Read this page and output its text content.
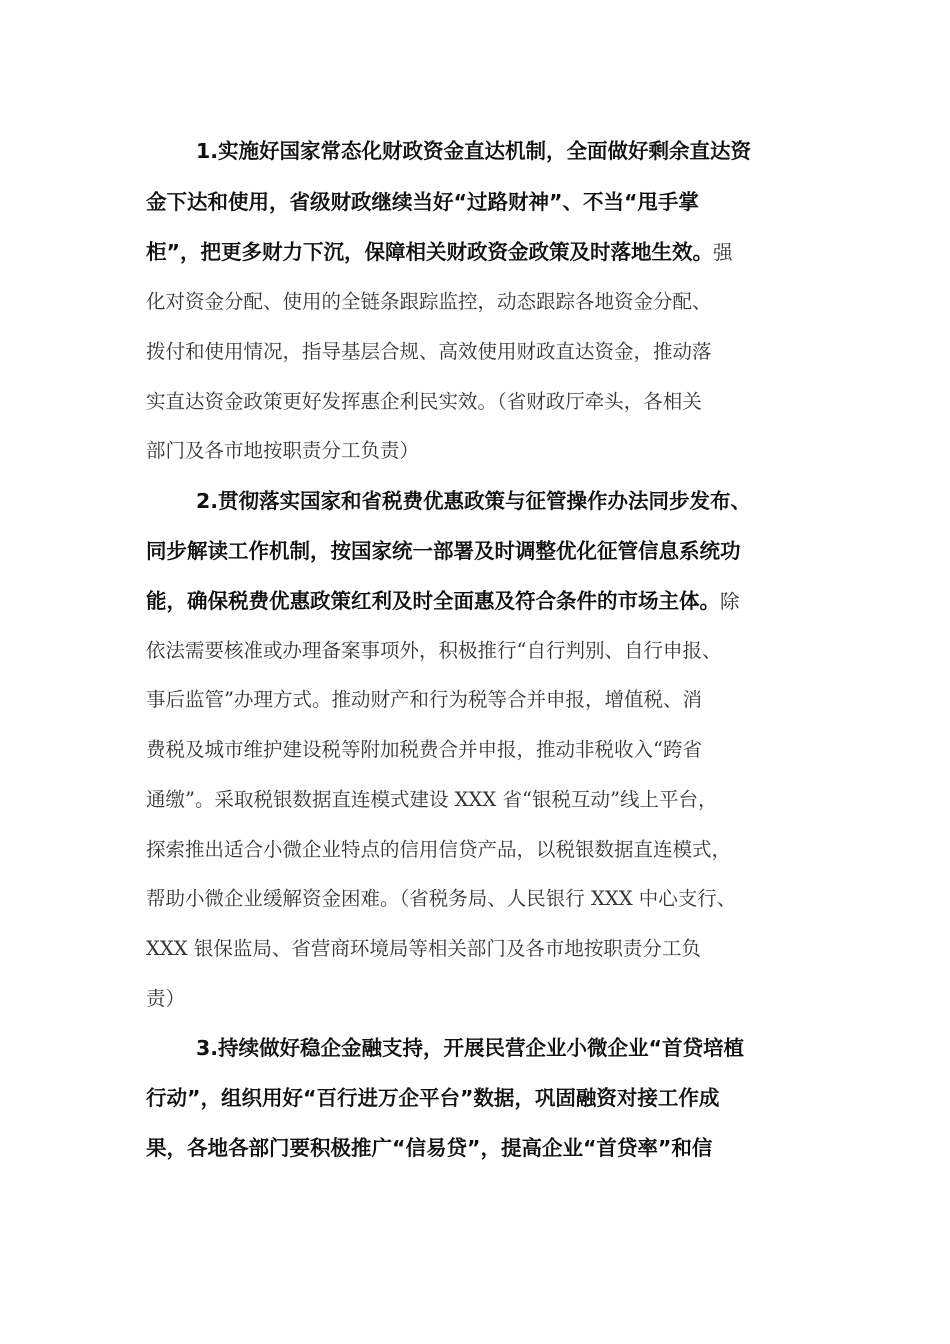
1.实施好国家常态化财政资金直达机制，全面做好剩余直达资
金下达和使用，省级财政继续当好“过路财神”、不当“甩手掌
柜”，把更多财力下沉，保障相关财政资金政策及时落地生效。强
化对资金分配、使用的全链条跟踪监控，动态跟踪各地资金分配、
拨付和使用情况，指导基层合规、高效使用财政直达资金，推动落
实直达资金政策更好发挥惠企利民实效。（省财政厅牵头，各相关
部门及各市地按职责分工负责）
2.贯彻落实国家和省税费优惠政策与征管操作办法同步发布、
同步解读工作机制，按国家统一部署及时调整优化征管信息系统功
能，确保税费优惠政策红利及时全面惠及符合条件的市场主体。除
依法需要核准或办理备案事项外，积极推行“自行判别、自行申报、
事后监管”办理方式。推动财产和行为税等合并申报，增值税、消
费税及城市维护建设税等附加税费合并申报，推动非税收入“跨省
通缴”。采取税银数据直连模式建设 XXX 省“银税互动”线上平台，
探索推出适合小微企业特点的信用信贷产品，以税银数据直连模式，
帮助小微企业缓解资金困难。（省税务局、人民银行 XXX 中心支行、
XXX 银保监局、省营商环境局等相关部门及各市地按职责分工负
责）
3.持续做好稳企金融支持，开展民营企业小微企业“首贷培植
行动”，组织用好“百行进万企平台”数据，巩固融资对接工作成
果，各地各部门要积极推广“信易贷”，提高企业“首贷率”和信
